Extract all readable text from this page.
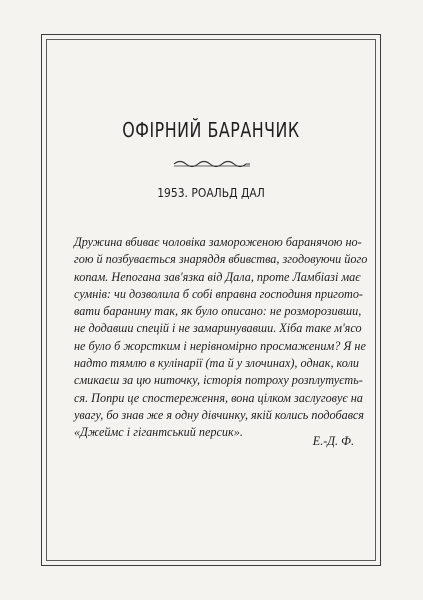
ОФІРНИЙ БАРАНЧИК
1953. РОАЛЬД ДАЛ
Дружина вбиває чоловіка замороженою баранячою но-
гою й позбувається знаряддя вбивства, згодовуючи його
копам. Непогана зав'язка від Дала, проте Ламбіазі має
сумнів: чи дозволила б собі вправна господиня пригото-
вати баранину так, як було описано: не розморозивши,
не додавши спецій і не замаринувавши. Хіба таке м'ясо
не було б жорстким і нерівномірно просмаженим? Я не
надто тямлю в кулінарії (та й у злочинах), однак, коли
смикаєш за цю ниточку, історія потроху розплутуєть-
ся. Попри це спостереження, вона цілком заслуговує на
увагу, бо знав же я одну дівчинку, якій колись подобався
«Джеймс і гігантський персик».
Е.-Д. Ф.
